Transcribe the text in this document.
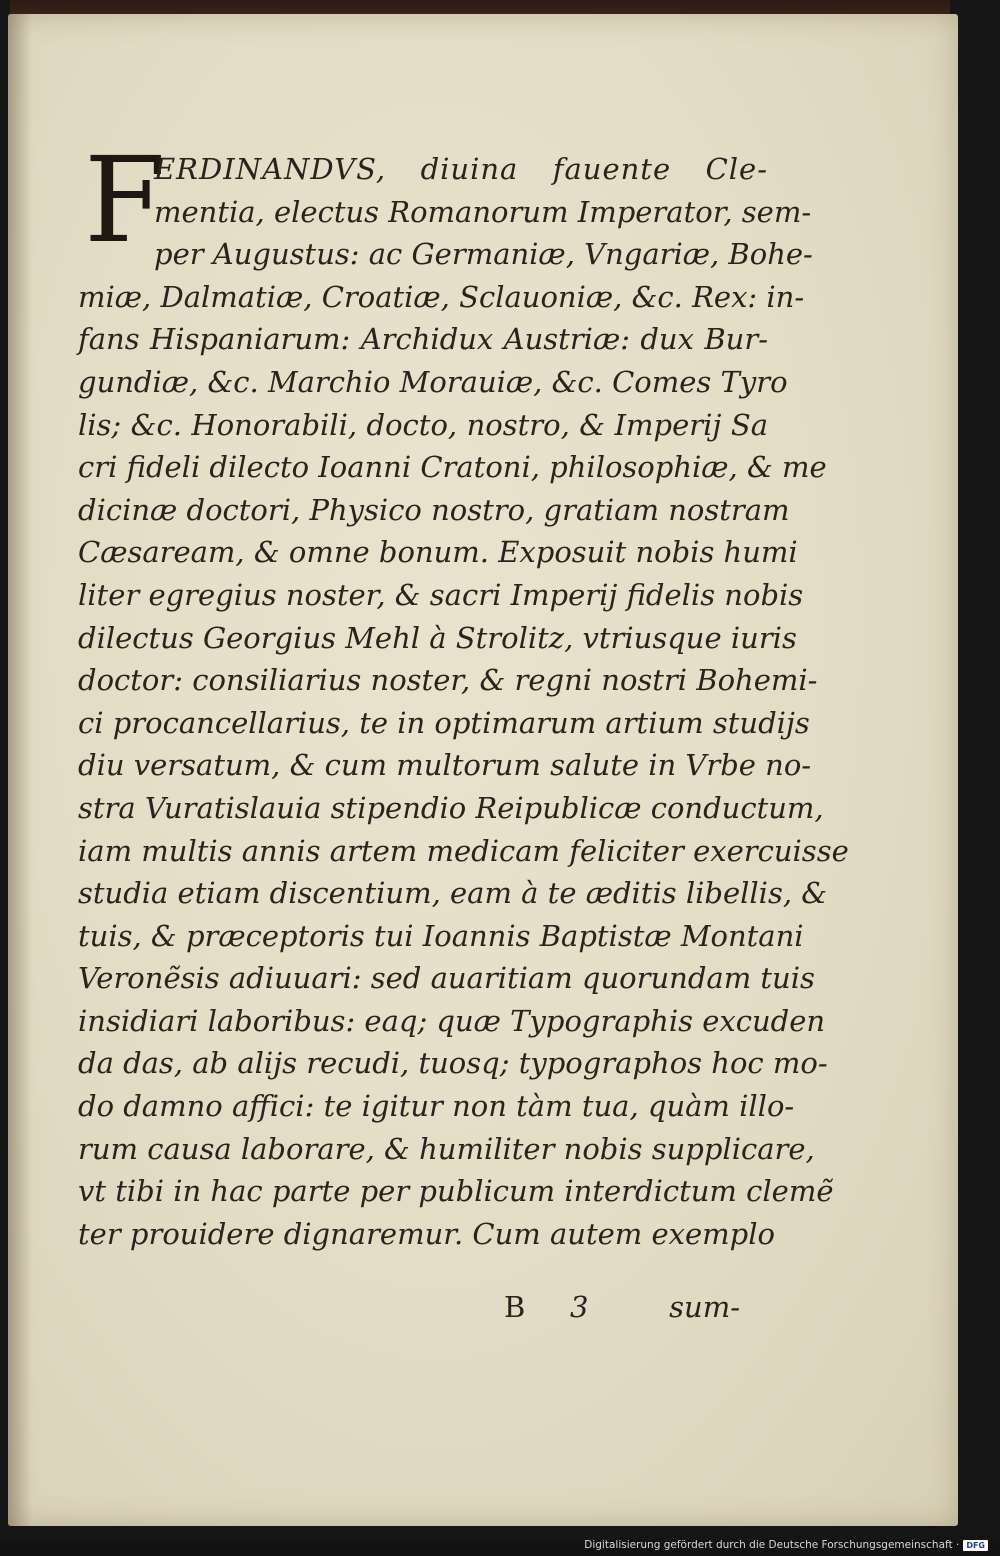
F
ERDINANDVS, diuina fauente Cle-
mentia, electus Romanorum Imperator, sem-
per Augustus: ac Germaniæ, Vngariæ, Bohe-
miæ, Dalmatiæ, Croatiæ, Sclauoniæ, &c. Rex: in-
fans Hispaniarum: Archidux Austriæ: dux Bur-
gundiæ, &c. Marchio Morauiæ, &c. Comes Tyro
lis; &c. Honorabili, docto, nostro, & Imperij Sa
cri fideli dilecto Ioanni Cratoni, philosophiæ, & me
dicinæ doctori, Physico nostro, gratiam nostram
Cæsaream, & omne bonum. Exposuit nobis humi
liter egregius noster, & sacri Imperij fidelis nobis
dilectus Georgius Mehl à Strolitz, vtriusque iuris
doctor: consiliarius noster, & regni nostri Bohemi-
ci procancellarius, te in optimarum artium studijs
diu versatum, & cum multorum salute in Vrbe no-
stra Vuratislauia stipendio Reipublicæ conductum,
iam multis annis artem medicam feliciter exercuisse
studia etiam discentium, eam à te æditis libellis, &
tuis, & præceptoris tui Ioannis Baptistæ Montani
Veronẽsis adiuuari: sed auaritiam quorundam tuis
insidiari laboribus: eaq; quæ Typographis excuden
da das, ab alijs recudi, tuosq; typographos hoc mo-
do damno affici: te igitur non tàm tua, quàm illo-
rum causa laborare, & humiliter nobis supplicare,
vt tibi in hac parte per publicum interdictum clemẽ
ter prouidere dignaremur. Cum autem exemplo
B 3	sum-
Digitalisierung gefördert durch die Deutsche Forschungsgemeinschaft · DFG
